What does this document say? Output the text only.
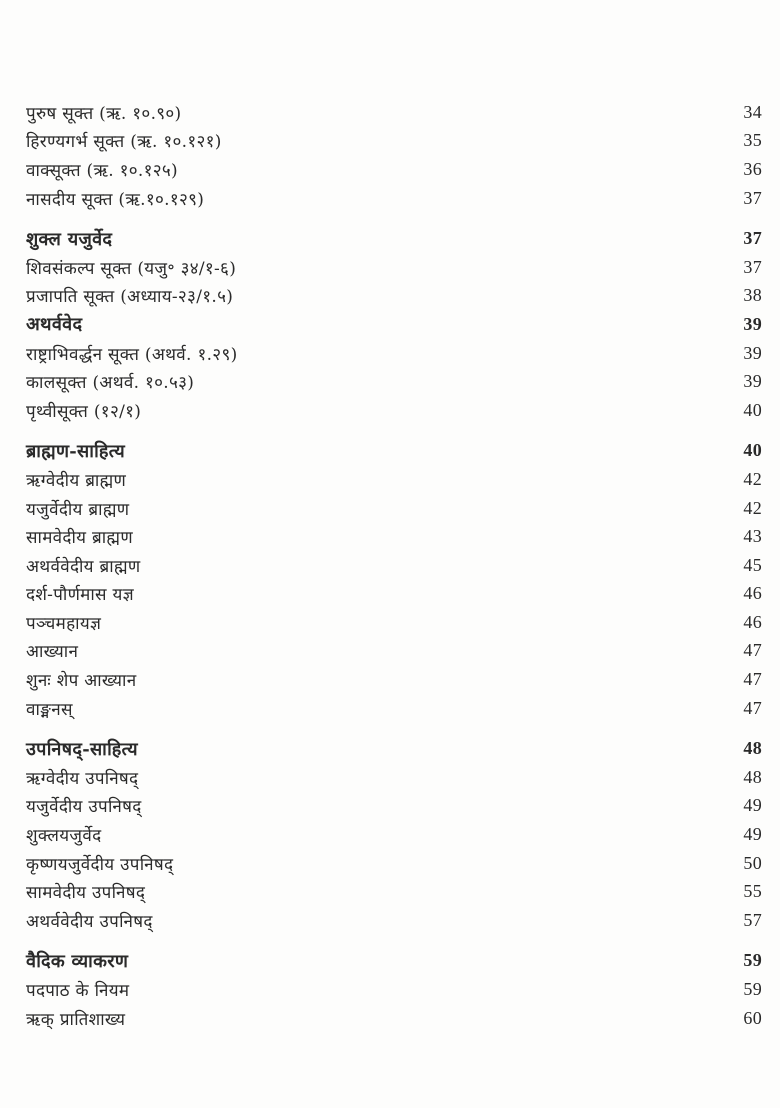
पुरुष सूक्त (ऋ. १०.९०)	34
हिरण्यगर्भ सूक्त (ऋ. १०.१२१)	35
वाक्सूक्त (ऋ. १०.१२५)	36
नासदीय सूक्त (ऋ.१०.१२९)	37
शुक्ल यजुर्वेद	37
शिवसंकल्प सूक्त (यजु॰ ३४/१-६)	37
प्रजापति सूक्त (अध्याय-२३/१.५)	38
अथर्ववेद	39
राष्ट्राभिवर्द्धन सूक्त (अथर्व. १.२९)	39
कालसूक्त (अथर्व. १०.५३)	39
पृथ्वीसूक्त (१२/१)	40
ब्राह्मण-साहित्य	40
ऋग्वेदीय ब्राह्मण	42
यजुर्वेदीय ब्राह्मण	42
सामवेदीय ब्राह्मण	43
अथर्ववेदीय ब्राह्मण	45
दर्श-पौर्णमास यज्ञ	46
पञ्चमहायज्ञ	46
आख्यान	47
शुनः शेप आख्यान	47
वाङ्मनस्	47
उपनिषद्-साहित्य	48
ऋग्वेदीय उपनिषद्	48
यजुर्वेदीय उपनिषद्	49
शुक्लयजुर्वेद	49
कृष्णयजुर्वेदीय उपनिषद्	50
सामवेदीय उपनिषद्	55
अथर्ववेदीय उपनिषद्	57
वैदिक व्याकरण	59
पदपाठ के नियम	59
ऋक् प्रातिशाख्य	60
